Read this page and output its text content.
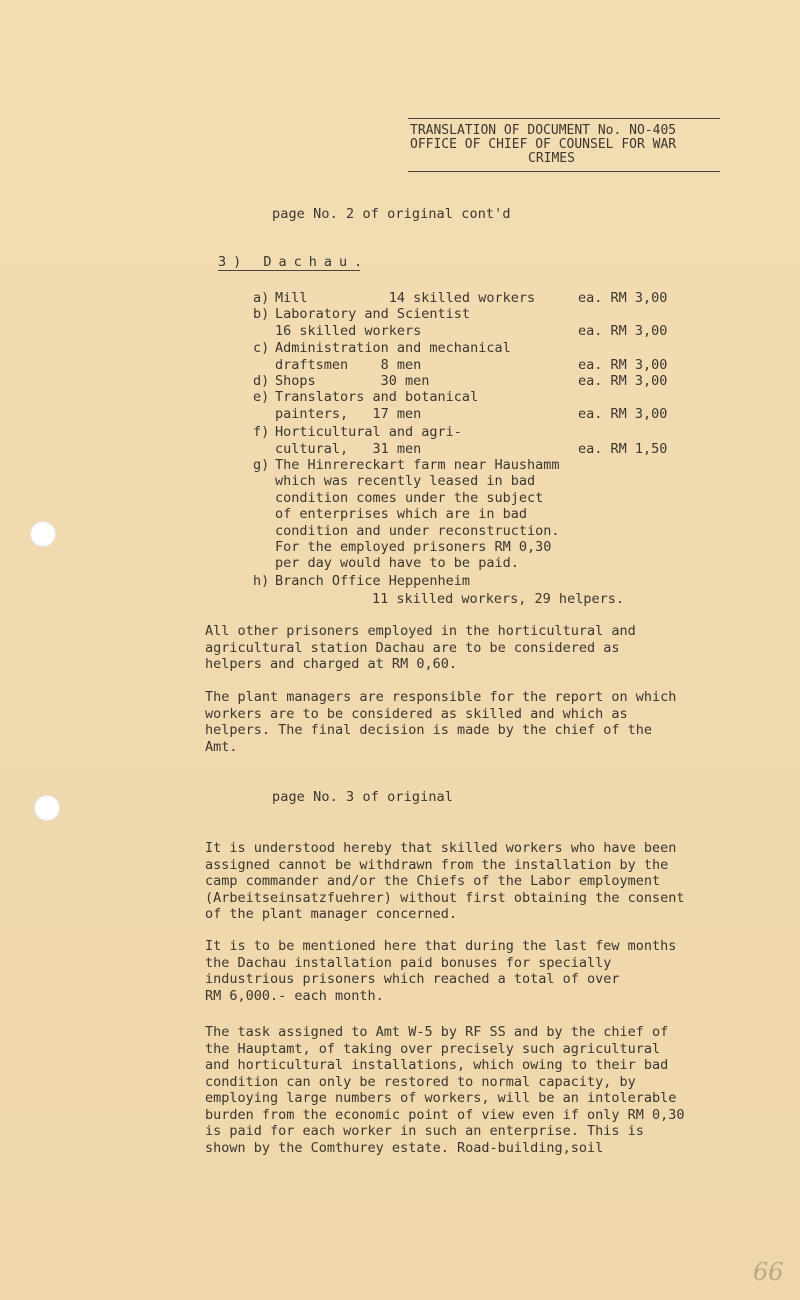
TRANSLATION OF DOCUMENT No. NO-405
OFFICE OF CHIEF OF COUNSEL FOR WAR
CRIMES
page No. 2 of original cont'd
3) Dachau.
a) Mill          14 skilled workers	ea. RM 3,00
b) Laboratory and Scientist
16 skilled workers	ea. RM 3,00
c) Administration and mechanical
draftsmen    8 men	ea. RM 3,00
d) Shops        30 men	ea. RM 3,00
e) Translators and botanical
painters,   17 men	ea. RM 3,00
f) Horticultural and agri-
cultural,   31 men	ea. RM 1,50
g) The Hinrereckart farm near Haushamm
which was recently leased in bad
condition comes under the subject
of enterprises which are in bad
condition and under reconstruction.
For the employed prisoners RM 0,30
per day would have to be paid.
h) Branch Office Heppenheim
11 skilled workers, 29 helpers.
All other prisoners employed in the horticultural and
agricultural station Dachau are to be considered as
helpers and charged at RM 0,60.
The plant managers are responsible for the report on which
workers are to be considered as skilled and which as
helpers. The final decision is made by the chief of the
Amt.
page No. 3 of original
It is understood hereby that skilled workers who have been
assigned cannot be withdrawn from the installation by the
camp commander and/or the Chiefs of the Labor employment
(Arbeitseinsatzfuehrer) without first obtaining the consent
of the plant manager concerned.
It is to be mentioned here that during the last few months
the Dachau installation paid bonuses for specially
industrious prisoners which reached a total of over
RM 6,000.- each month.
The task assigned to Amt W-5 by RF SS and by the chief of
the Hauptamt, of taking over precisely such agricultural
and horticultural installations, which owing to their bad
condition can only be restored to normal capacity, by
employing large numbers of workers, will be an intolerable
burden from the economic point of view even if only RM 0,30
is paid for each worker in such an enterprise. This is
shown by the Comthurey estate. Road-building,soil
66
